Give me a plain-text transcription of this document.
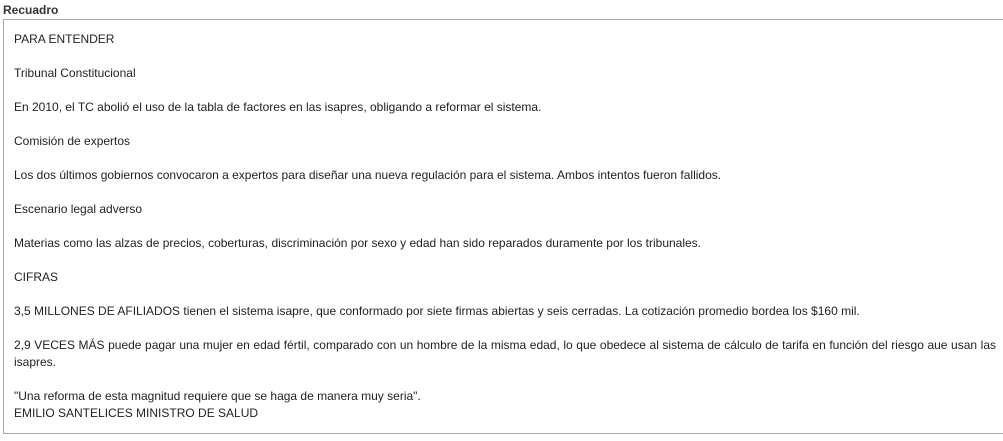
Recuadro

PARA ENTENDER

Tribunal Constitucional

En 2010, el TC abolió el uso de la tabla de factores en las isapres, obligando a reformar el sistema.

Comisión de expertos

Los dos últimos gobiernos convocaron a expertos para diseñar una nueva regulación para el sistema. Ambos intentos fueron fallidos.

Escenario legal adverso

Materias como las alzas de precios, coberturas, discriminación por sexo y edad han sido reparados duramente por los tribunales.

CIFRAS

3,5 MILLONES DE AFILIADOS tienen el sistema isapre, que conformado por siete firmas abiertas y seis cerradas. La cotización promedio bordea los $160 mil.

2,9 VECES MÁS puede pagar una mujer en edad fértil, comparado con un hombre de la misma edad, lo que obedece al sistema de cálculo de tarifa en función del riesgo aue usan las isapres.

"Una reforma de esta magnitud requiere que se haga de manera muy seria".
EMILIO SANTELICES MINISTRO DE SALUD
